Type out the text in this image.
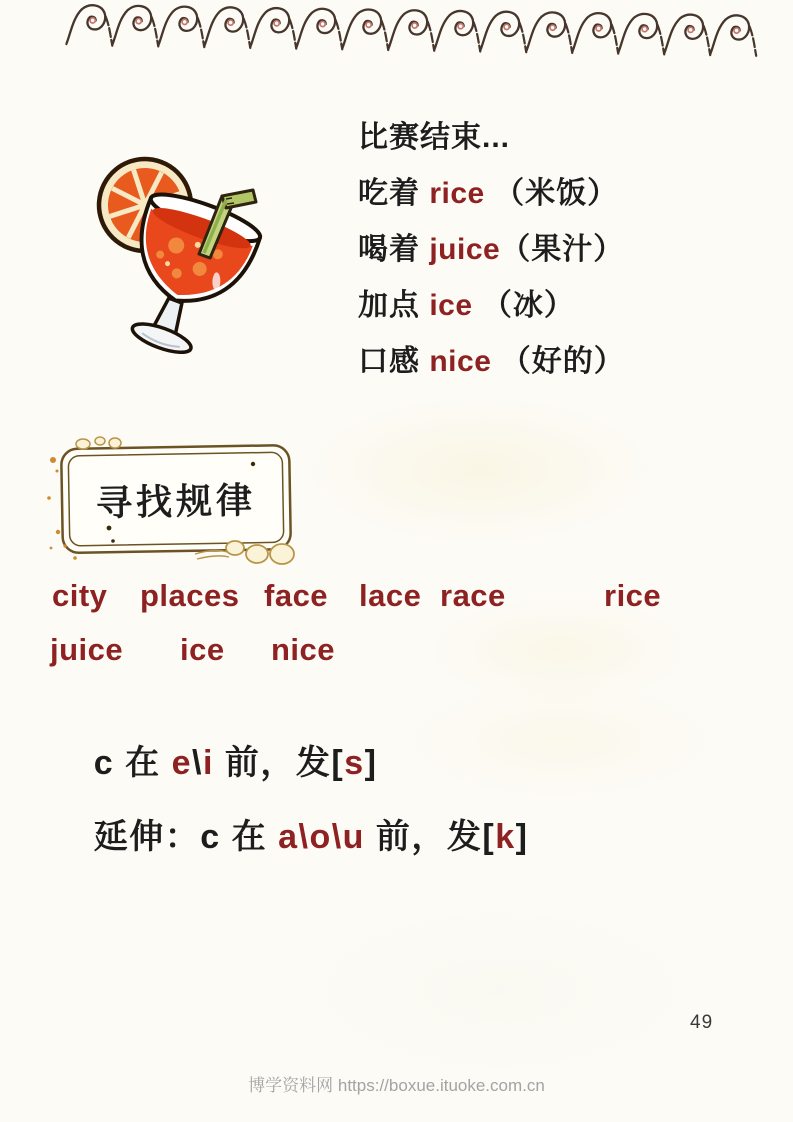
比赛结束...
吃着 rice （米饭）
喝着 juice（果汁）
加点 ice （冰）
口感 nice （好的）
寻找规律
city places face lace race	rice
juice ice nice

c 在 e\i 前，发[s]

延伸：c 在 a\o\u 前，发[k]

49
博学资料网 https://boxue.ituoke.com.cn
